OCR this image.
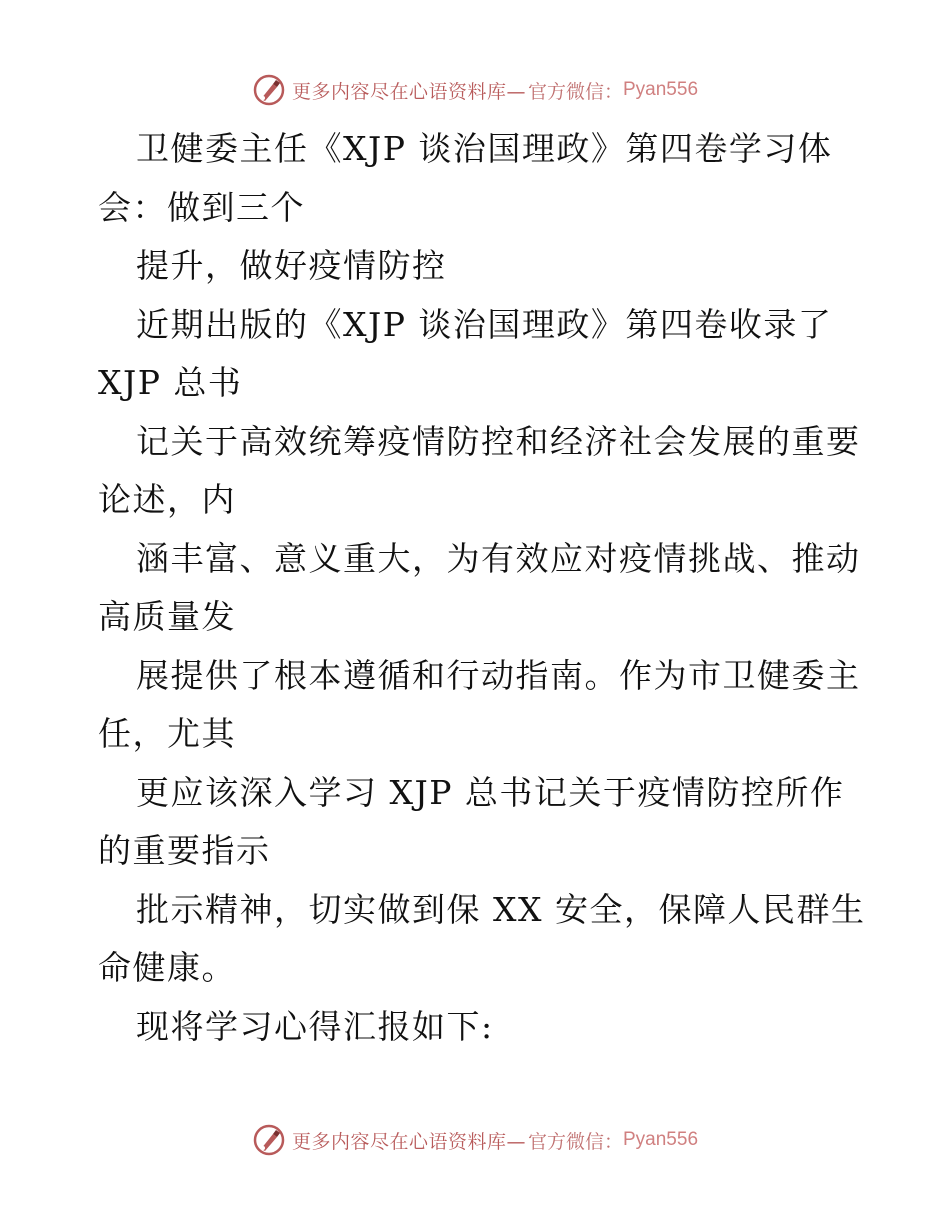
更多内容尽在心语资料库— 官方微信： Pyan556
卫健委主任《XJP 谈治国理政》第四卷学习体
会：做到三个
提升，做好疫情防控
近期出版的《XJP 谈治国理政》第四卷收录了
XJP 总书
记关于高效统筹疫情防控和经济社会发展的重要
论述，内
涵丰富、意义重大，为有效应对疫情挑战、推动
高质量发
展提供了根本遵循和行动指南。作为市卫健委主
任，尤其
更应该深入学习 XJP 总书记关于疫情防控所作
的重要指示
批示精神，切实做到保 XX 安全，保障人民群生
命健康。
现将学习心得汇报如下:
更多内容尽在心语资料库— 官方微信： Pyan556
